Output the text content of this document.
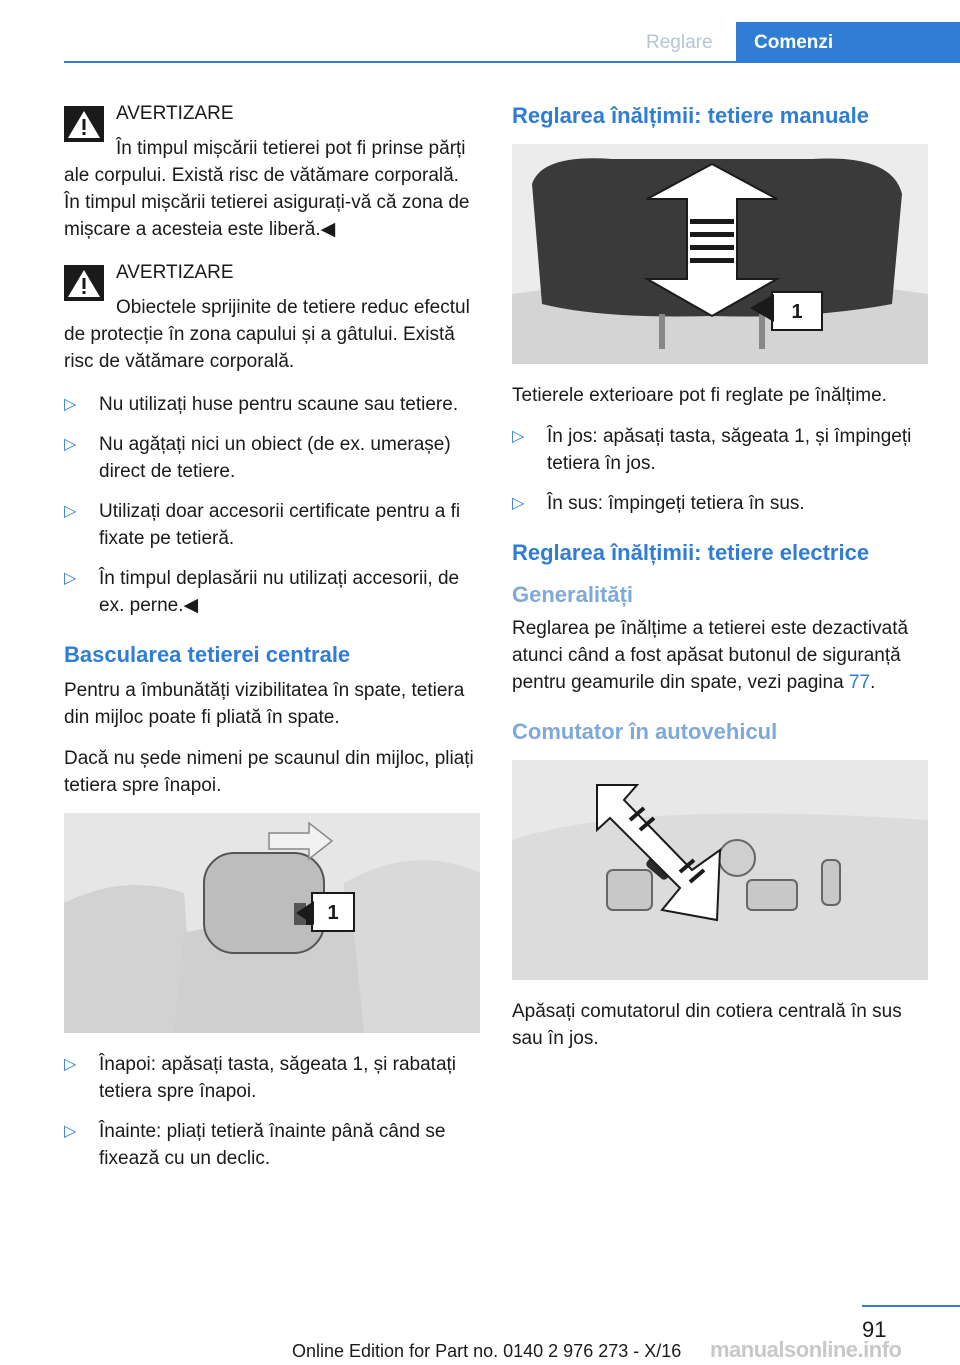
Reglare	Comenzi
AVERTIZARE
În timpul mișcării tetierei pot fi prinse părți ale corpului. Există risc de vătămare corporală. În timpul mișcării tetierei asigurați-vă că zona de mișcare a acesteia este liberă.◀
AVERTIZARE
Obiectele sprijinite de tetiere reduc efectul de protecție în zona capului și a gâtului. Există risc de vătămare corporală.
▷ Nu utilizați huse pentru scaune sau tetiere.
▷ Nu agățați nici un obiect (de ex. umerașe) direct de tetiere.
▷ Utilizați doar accesorii certificate pentru a fi fixate pe tetieră.
▷ În timpul deplasării nu utilizați accesorii, de ex. perne.◀
Bascularea tetierei centrale

Pentru a îmbunătăți vizibilitatea în spate, tetiera din mijloc poate fi pliată în spate.

Dacă nu șede nimeni pe scaunul din mijloc, pliați tetiera spre înapoi.

1
▷ Înapoi: apăsați tasta, săgeata 1, și rabatați tetiera spre înapoi.
▷ Înainte: pliați tetieră înainte până când se fixează cu un declic.
Reglarea înălțimii: tetiere manuale
1

Tetierele exterioare pot fi reglate pe înălțime.

▷ În jos: apăsați tasta, săgeata 1, și împingeți tetiera în jos.
▷ În sus: împingeți tetiera în sus.
Reglarea înălțimii: tetiere electrice
Generalități

Reglarea pe înălțime a tetierei este dezactivată atunci când a fost apăsat butonul de siguranță pentru geamurile din spate, vezi pagina 77.

Comutator în autovehicul

Apăsați comutatorul din cotiera centrală în sus sau în jos.

91
Online Edition for Part no. 0140 2 976 273 - X/16 manualsonline.info
